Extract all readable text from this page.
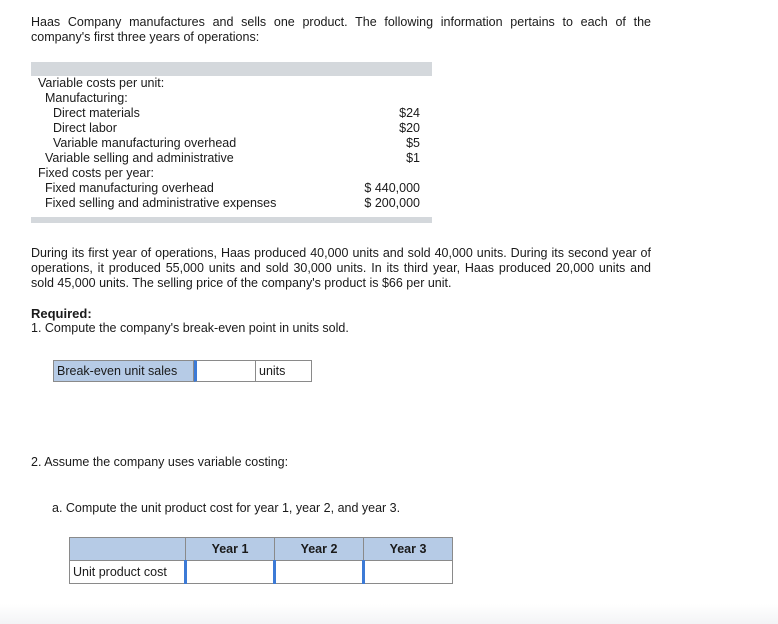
Haas Company manufactures and sells one product. The following information pertains to each of the company's first three years of operations:
Variable costs per unit:
Manufacturing:
Direct materials	$24
Direct labor	$20
Variable manufacturing overhead	$5
Variable selling and administrative	$1
Fixed costs per year:
Fixed manufacturing overhead	$ 440,000
Fixed selling and administrative expenses	$ 200,000
During its first year of operations, Haas produced 40,000 units and sold 40,000 units. During its second year of operations, it produced 55,000 units and sold 30,000 units. In its third year, Haas produced 20,000 units and sold 45,000 units. The selling price of the company's product is $66 per unit.
Required:
1. Compute the company's break-even point in units sold.
Break-even unit sales	units
2. Assume the company uses variable costing:
a. Compute the unit product cost for year 1, year 2, and year 3.
	Year 1	Year 2	Year 3
Unit product cost			
